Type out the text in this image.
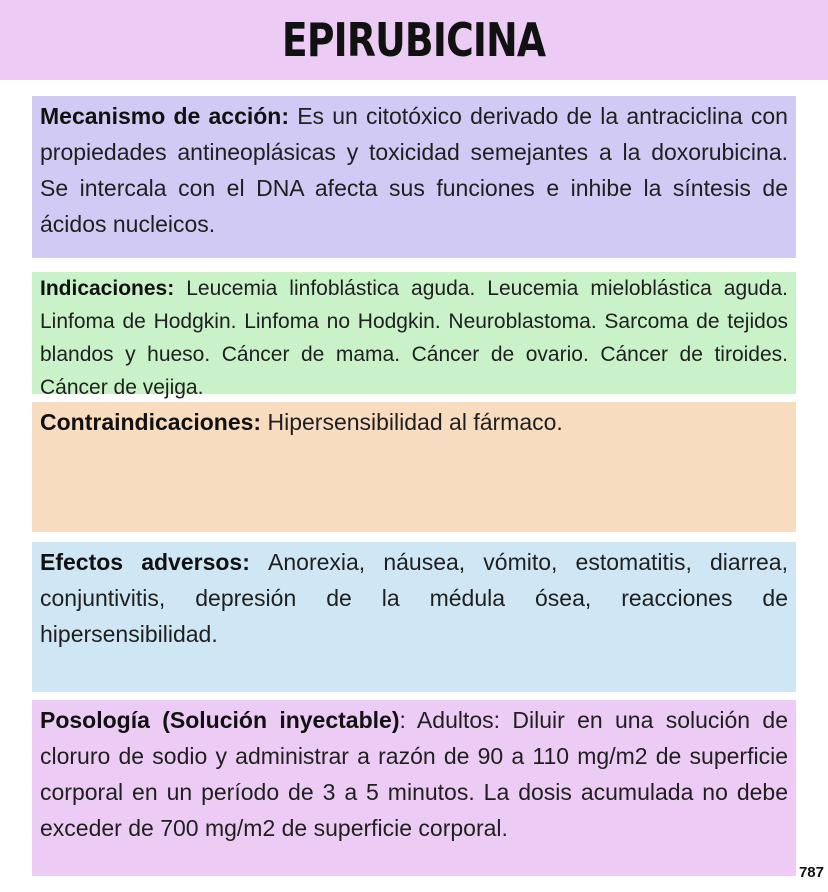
EPIRUBICINA
Mecanismo de acción: Es un citotóxico derivado de la antraciclina con propiedades antineoplásicas y toxicidad semejantes a la doxorubicina. Se intercala con el DNA afecta sus funciones e inhibe la síntesis de ácidos nucleicos.
Indicaciones: Leucemia linfoblástica aguda. Leucemia mieloblástica aguda. Linfoma de Hodgkin. Linfoma no Hodgkin. Neuroblastoma. Sarcoma de tejidos blandos y hueso. Cáncer de mama. Cáncer de ovario. Cáncer de tiroides. Cáncer de vejiga.
Contraindicaciones: Hipersensibilidad al fármaco.
Efectos adversos: Anorexia, náusea, vómito, estomatitis, diarrea, conjuntivitis, depresión de la médula ósea, reacciones de hipersensibilidad.
Posología (Solución inyectable): Adultos: Diluir en una solución de cloruro de sodio y administrar a razón de 90 a 110 mg/m2 de superficie corporal en un período de 3 a 5 minutos. La dosis acumulada no debe exceder de 700 mg/m2 de superficie corporal.
787
